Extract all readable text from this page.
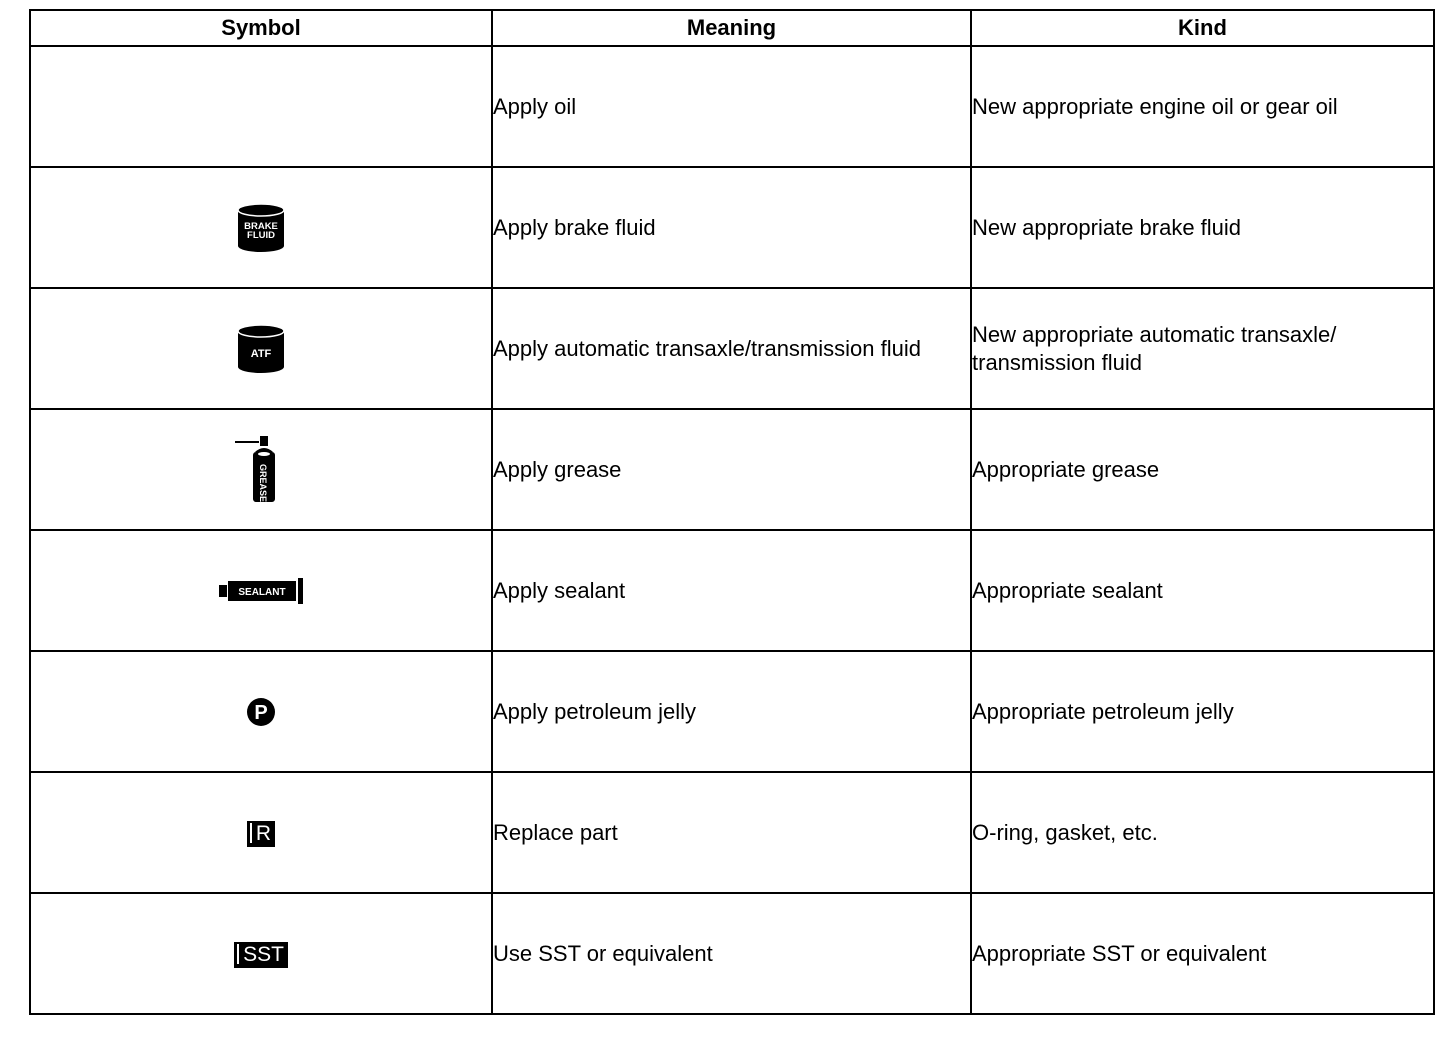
Symbol	Meaning	Kind
	Apply oil	New appropriate engine oil or gear oil

BRAKE
FLUID	Apply brake fluid	New appropriate brake fluid

ATF	Apply automatic transaxle/transmission fluid	New appropriate automatic transaxle/ transmission fluid

GREASE	Apply grease	Appropriate grease

SEALANT	Apply sealant	Appropriate sealant

P	Apply petroleum jelly	Appropriate petroleum jelly
R	Replace part	O-ring, gasket, etc.
SST	Use SST or equivalent	Appropriate SST or equivalent
